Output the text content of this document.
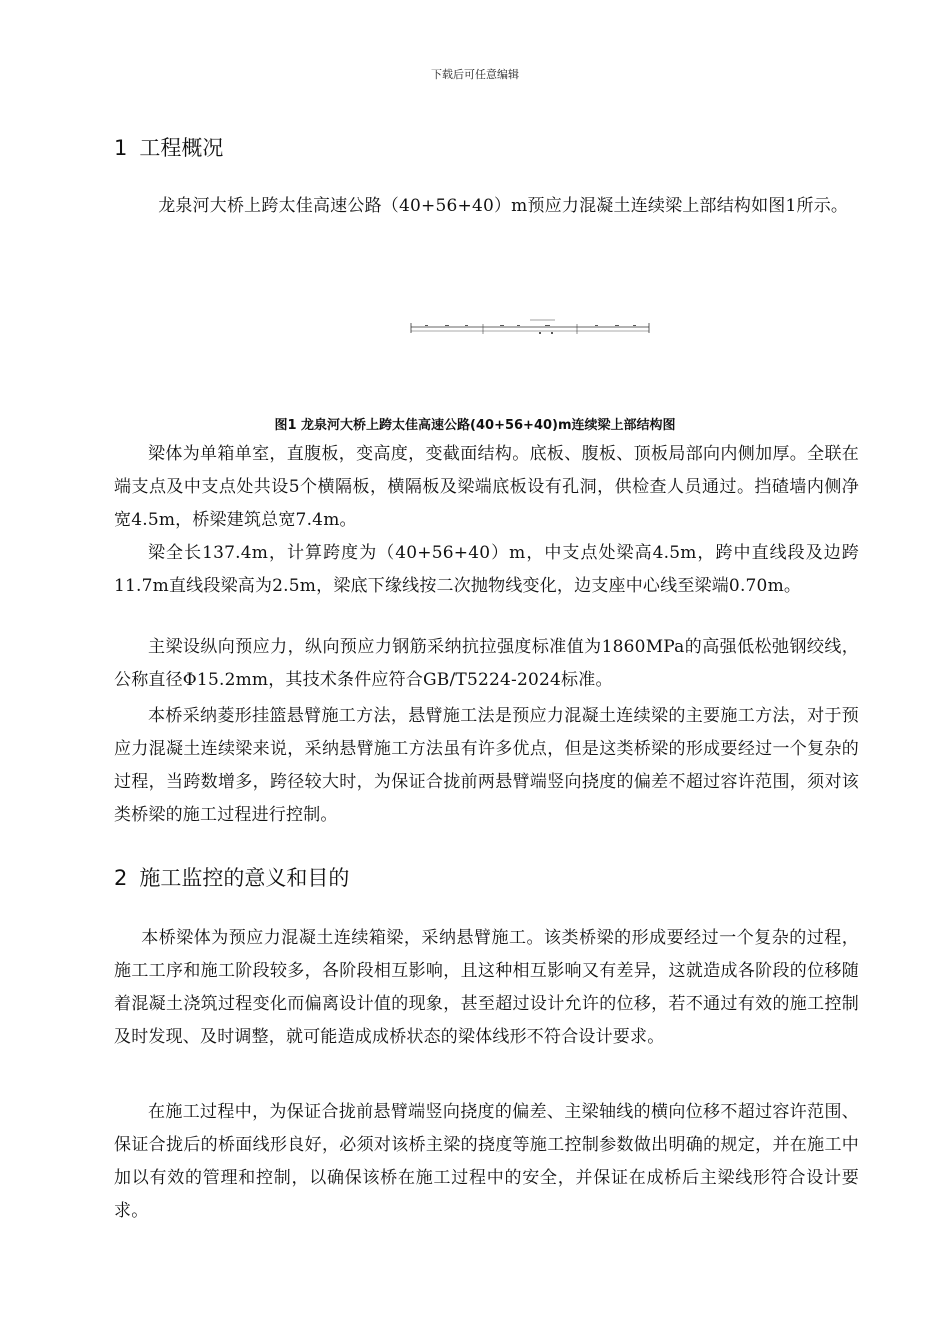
下载后可任意编辑
1 工程概况

龙泉河大桥上跨太佳高速公路（40+56+40）m预应力混凝土连续梁上部结构如图1所示。

图1 龙泉河大桥上跨太佳高速公路(40+56+40)m连续梁上部结构图

梁体为单箱单室，直腹板，变高度，变截面结构。底板、腹板、顶板局部向内侧加厚。全联在端支点及中支点处共设5个横隔板，横隔板及梁端底板设有孔洞，供检查人员通过。挡碴墙内侧净宽4.5m，桥梁建筑总宽7.4m。

梁全长137.4m，计算跨度为（40+56+40）m，中支点处梁高4.5m，跨中直线段及边跨11.7m直线段梁高为2.5m，梁底下缘线按二次抛物线变化，边支座中心线至梁端0.70m。

主梁设纵向预应力，纵向预应力钢筋采纳抗拉强度标准值为1860MPa的高强低松弛钢绞线，公称直径Φ15.2mm，其技术条件应符合GB/T5224-2024标准。

本桥采纳菱形挂篮悬臂施工方法，悬臂施工法是预应力混凝土连续梁的主要施工方法，对于预应力混凝土连续梁来说，采纳悬臂施工方法虽有许多优点，但是这类桥梁的形成要经过一个复杂的过程，当跨数增多，跨径较大时，为保证合拢前两悬臂端竖向挠度的偏差不超过容许范围，须对该类桥梁的施工过程进行控制。

2 施工监控的意义和目的

本桥梁体为预应力混凝土连续箱梁，采纳悬臂施工。该类桥梁的形成要经过一个复杂的过程，施工工序和施工阶段较多，各阶段相互影响，且这种相互影响又有差异，这就造成各阶段的位移随着混凝土浇筑过程变化而偏离设计值的现象，甚至超过设计允许的位移，若不通过有效的施工控制及时发现、及时调整，就可能造成成桥状态的梁体线形不符合设计要求。

在施工过程中，为保证合拢前悬臂端竖向挠度的偏差、主梁轴线的横向位移不超过容许范围、保证合拢后的桥面线形良好，必须对该桥主梁的挠度等施工控制参数做出明确的规定，并在施工中加以有效的管理和控制，以确保该桥在施工过程中的安全，并保证在成桥后主梁线形符合设计要求。
